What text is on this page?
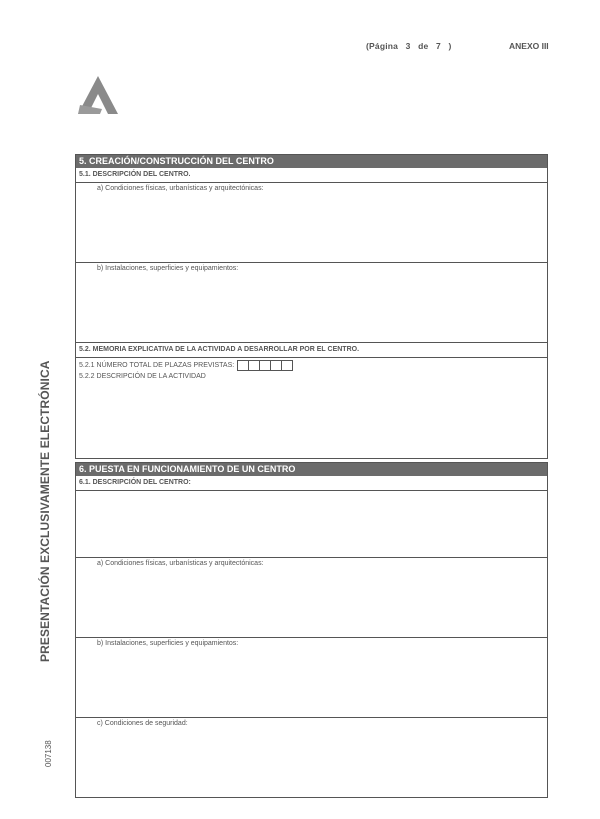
(Página 3 de 7 )	ANEXO III
PRESENTACIÓN EXCLUSIVAMENTE ELECTRÓNICA
007138
5. CREACIÓN/CONSTRUCCIÓN DEL CENTRO
5.1. DESCRIPCIÓN DEL CENTRO.
a) Condiciones físicas, urbanísticas y arquitectónicas:
b) Instalaciones, superficies y equipamientos:
5.2. MEMORIA EXPLICATIVA DE LA ACTIVIDAD A DESARROLLAR POR EL CENTRO.
5.2.1 NÚMERO TOTAL DE PLAZAS PREVISTAS:
5.2.2 DESCRIPCIÓN DE LA ACTIVIDAD
6. PUESTA EN FUNCIONAMIENTO DE UN CENTRO
6.1. DESCRIPCIÓN DEL CENTRO:
a) Condiciones físicas, urbanísticas y arquitectónicas:
b) Instalaciones, superficies y equipamientos:
c) Condiciones de seguridad:
